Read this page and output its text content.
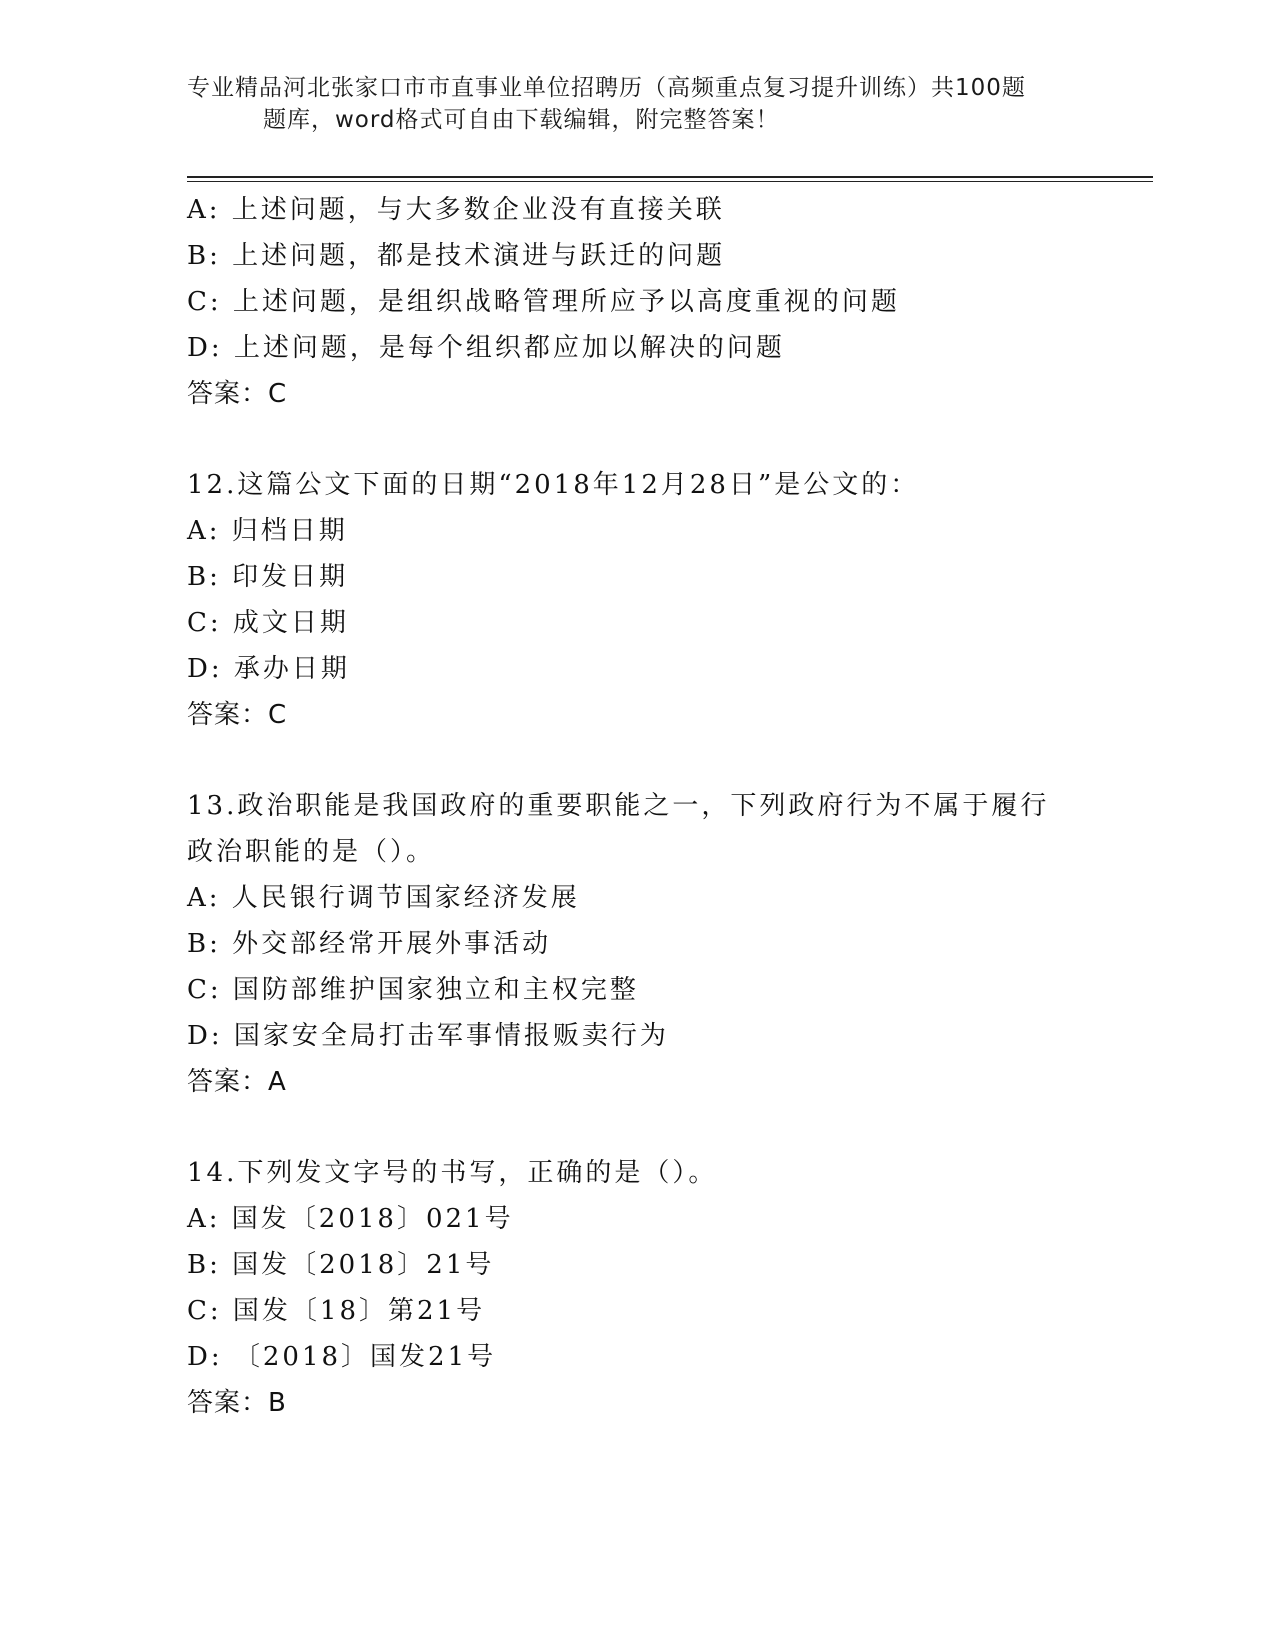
专业精品河北张家口市市直事业单位招聘历（高频重点复习提升训练）共100题
题库，word格式可自由下载编辑，附完整答案！

A: 上述问题，与大多数企业没有直接关联

B: 上述问题，都是技术演进与跃迁的问题

C: 上述问题，是组织战略管理所应予以高度重视的问题

D: 上述问题，是每个组织都应加以解决的问题

答案：C

12.这篇公文下面的日期“2018年12月28日”是公文的：

A: 归档日期

B: 印发日期

C: 成文日期

D: 承办日期

答案：C

13.政治职能是我国政府的重要职能之一，下列政府行为不属于履行政治职能的是（）。

A: 人民银行调节国家经济发展

B: 外交部经常开展外事活动

C: 国防部维护国家独立和主权完整

D: 国家安全局打击军事情报贩卖行为

答案：A

14.下列发文字号的书写，正确的是（）。

A: 国发〔2018〕021号

B: 国发〔2018〕21号

C: 国发〔18〕第21号

D: 〔2018〕国发21号

答案：B
